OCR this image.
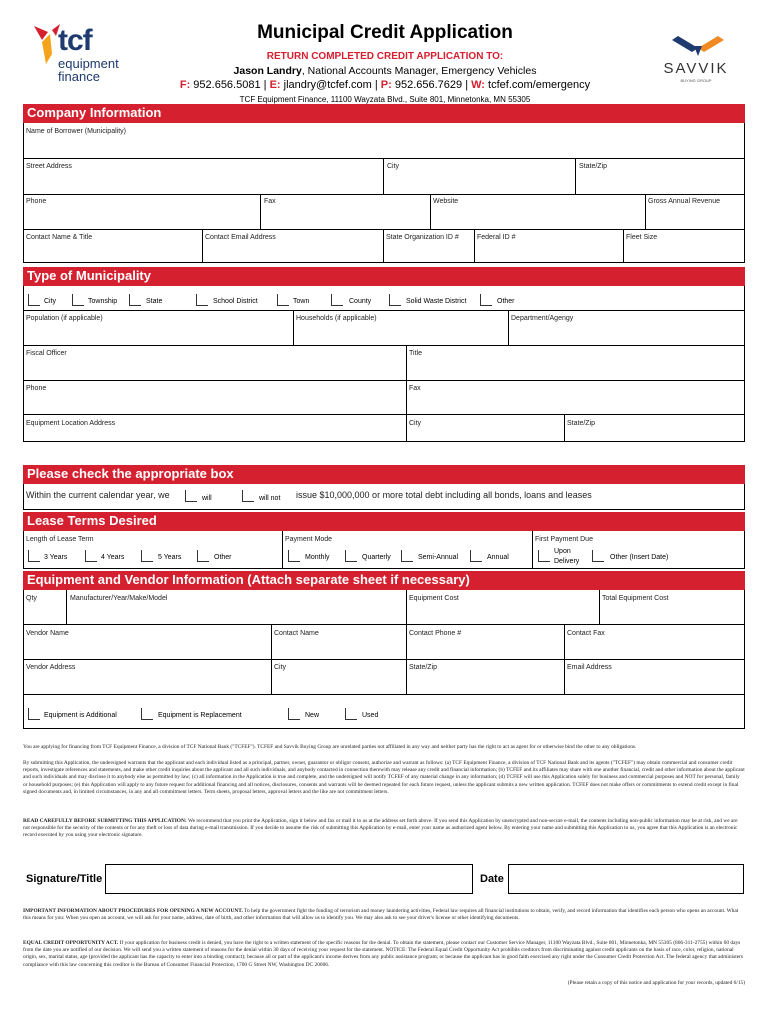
tcf
equipment
finance
Municipal Credit Application
RETURN COMPLETED CREDIT APPLICATION TO:
Jason Landry, National Accounts Manager, Emergency Vehicles
F: 952.656.5081 | E: jlandry@tcfef.com | P: 952.656.7629 | W: tcfef.com/emergency
TCF Equipment Finance, 11100 Wayzata Blvd., Suite 801, Minnetonka, MN 55305
SAVVIK
BUYING GROUP
Company Information
Name of Borrower (Municipality)
Street Address	City	State/Zip
Phone	Fax	Website	Gross Annual Revenue
Contact Name & Title	Contact Email Address	State Organization ID #	Federal ID #	Fleet Size
Type of Municipality
City	Township	State	School District	Town	County	Solid Waste District	Other
Population (if applicable)	Households (if applicable)	Department/Agengy
Fiscal Officer	Title
Phone	Fax
Equipment Location Address	City	State/Zip
Please check the appropriate box
Within the current calendar year, we	will	will not issue $10,000,000 or more total debt including all bonds, loans and leases
Lease Terms Desired
Length of Lease Term	Payment Mode	First Payment Due
3 Years	4 Years	5 Years	Other	Monthly	Quarterly	Semi-Annual	Annual
Upon
Delivery
Other (Insert Date)
Equipment and Vendor Information (Attach separate sheet if necessary)
Qty	Manufacturer/Year/Make/Model	Equipment Cost	Total Equipment Cost
Vendor Name	Contact Name	Contact Phone #	Contact Fax
Vendor Address	City	State/Zip	Email Address
Equipment is Additional	Equipment is Replacement	New	Used
You are applying for financing from TCF Equipment Finance, a division of TCF National Bank ("TCFEF"). TCFEF and Savvik Buying Group are unrelated parties not affiliated in any way and neither party has the right to act as agent for or otherwise bind the other to any obligations.
By submitting this Application, the undersigned warrants that the applicant and each individual listed as a principal, partner, owner, guarantor or obligor consent, authorize and warrant as follows: (a) TCF Equipment Finance, a division of TCF National Bank and its agents ("TCFEF") may obtain commercial and consumer credit reports, investigate references and statements, and make other credit inquiries about the applicant and all such individuals, and anybody contacted in connection therewith may release any credit and financial information; (b) TCFEF and its affiliates may share with one another financial, credit and other information about the applicant and such individuals and may disclose it to anybody else as permitted by law; (c) all information in the Application is true and complete, and the undersigned will notify TCFEF of any material change in any information; (d) TCFEF will use this Application solely for business and commercial purposes and NOT for personal, family or household purposes; (e) this Application will apply to any future request for additional financing and all notices, disclosures, consents and warrants will be deemed repeated for each future request, unless the applicant submits a new written application. TCFEF does not make offers or commitments to extend credit except in final signed documents and, in limited circumstances, in any and all commitment letters. Term sheets, proposal letters, approval letters and the like are not commitment letters.
READ CAREFULLY BEFORE SUBMITTING THIS APPLICATION: We recommend that you print the Application, sign it below and fax or mail it to us at the address set forth above. If you send this Application by unencrypted and non-secure e-mail, the contents including non-public information may be at risk, and we are not responsible for the security of the contents or for any theft or loss of data during e-mail transmission. If you decide to assume the risk of submitting this Application by e-mail, enter your name as authorized agent below. By entering your name and submitting this Application to us, you agree that this Application is an electronic record executed by you using your electronic signature.
Signature/Title	Date
IMPORTANT INFORMATION ABOUT PROCEDURES FOR OPENING A NEW ACCOUNT. To help the government fight the funding of terrorism and money laundering activities, Federal law requires all financial institutions to obtain, verify, and record information that identifies each person who opens an account. What this means for you: When you open an account, we will ask for your name, address, date of birth, and other information that will allow us to identify you. We may also ask to see your driver's license or other identifying documents.
EQUAL CREDIT OPPORTUNITY ACT. If your application for business credit is denied, you have the right to a written statement of the specific reasons for the denial. To obtain the statement, please contact our Customer Service Manager, 11100 Wayzata Blvd., Suite 801, Minnetonka, MN 55305 (866-311-2755) within 60 days from the date you are notified of our decision. We will send you a written statement of reasons for the denial within 30 days of receiving your request for the statement. NOTICE: The Federal Equal Credit Opportunity Act prohibits creditors from discriminating against credit applicants on the basis of race, color, religion, national origin, sex, marital status, age (provided the applicant has the capacity to enter into a binding contract); because all or part of the applicant's income derives from any public assistance program; or because the applicant has in good faith exercised any right under the Consumer Credit Protection Act. The federal agency that administers compliance with this law concerning this creditor is the Bureau of Consumer Financial Protection, 1700 G Street NW, Washington DC 20006.
(Please retain a copy of this notice and application for your records, updated 6/15)
